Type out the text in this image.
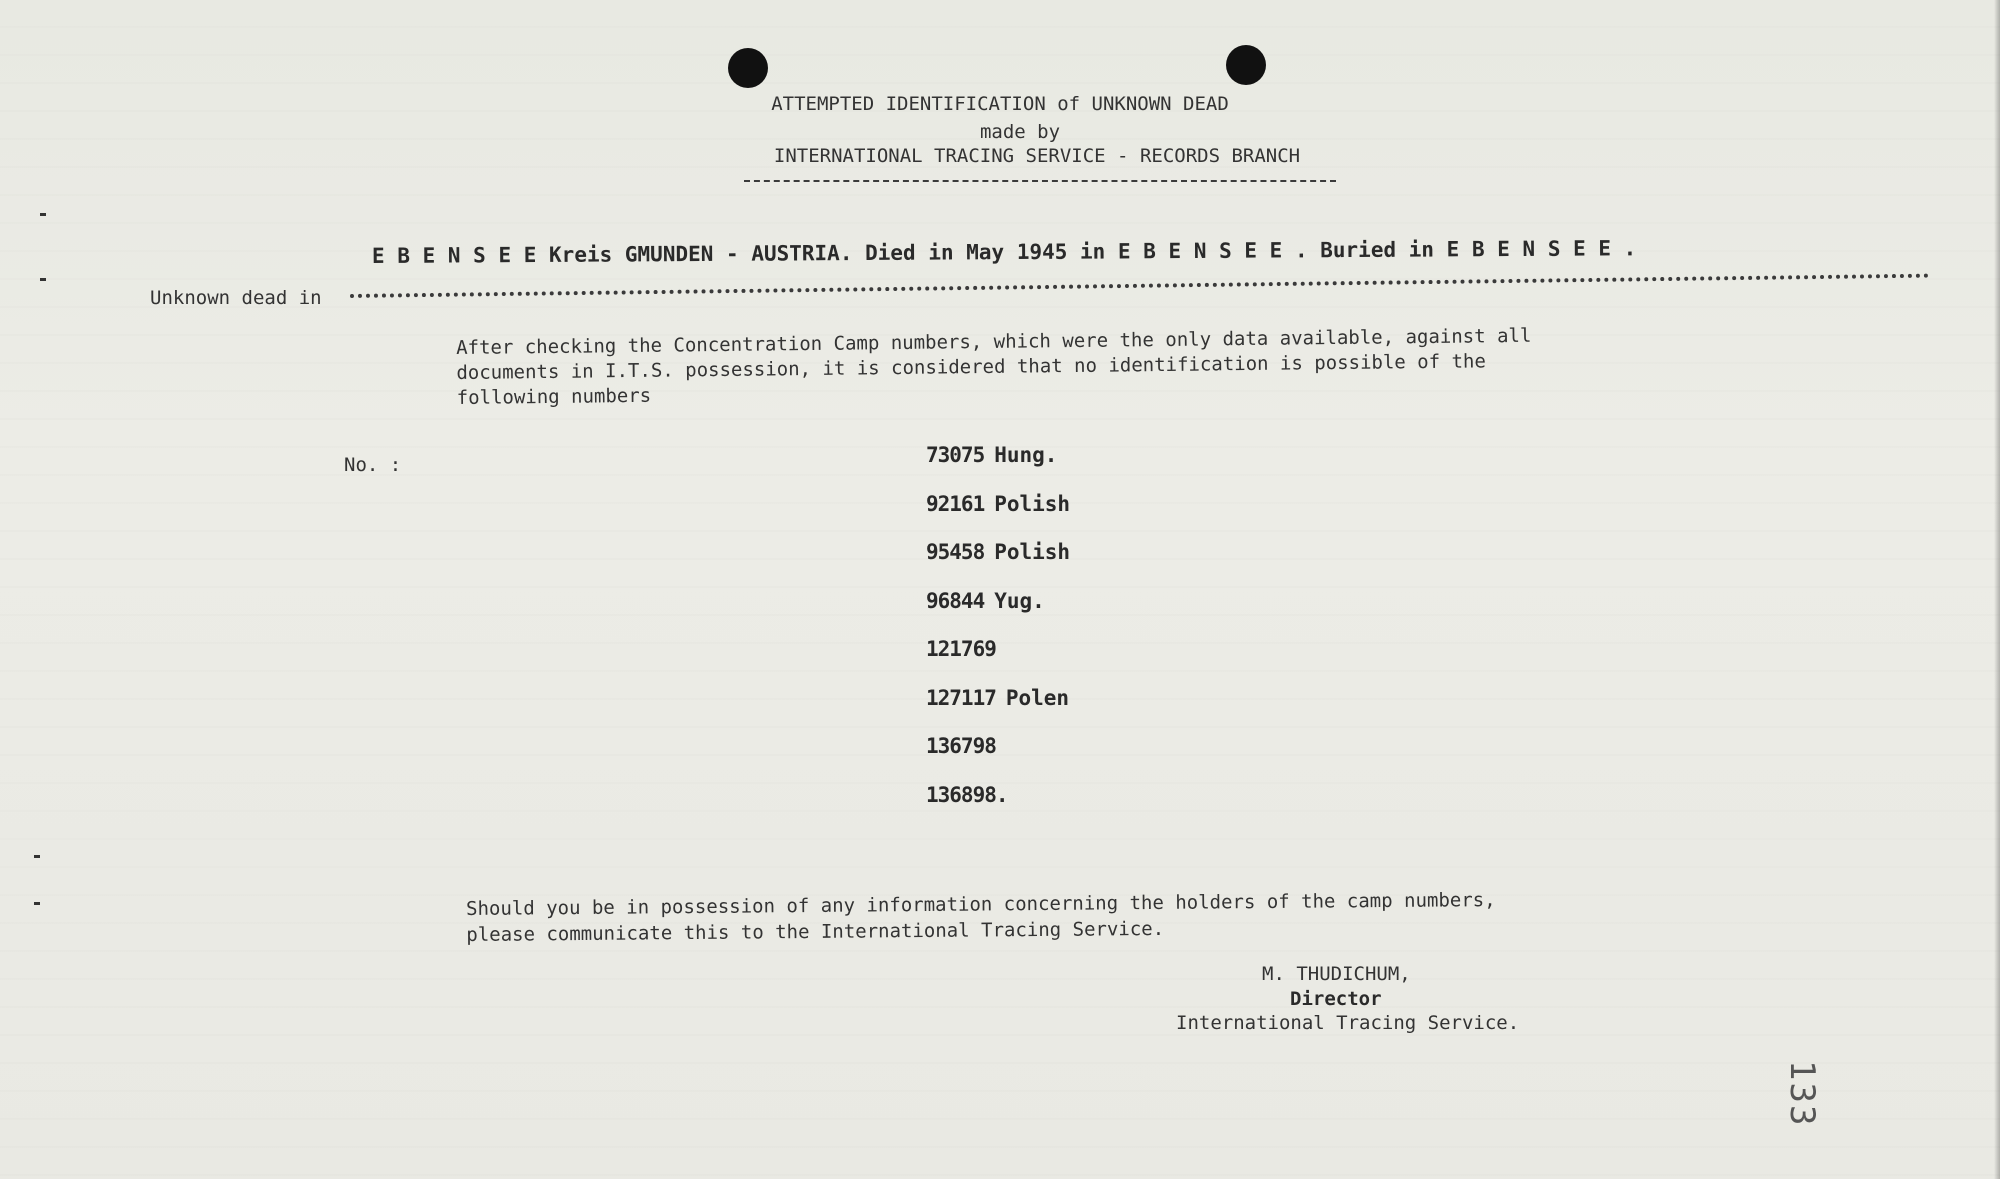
ATTEMPTED IDENTIFICATION of UNKNOWN DEAD
made by
INTERNATIONAL TRACING SERVICE - RECORDS BRANCH
E B E N S E E Kreis GMUNDEN - AUSTRIA. Died in May 1945 in E B E N S E E . Buried in E B E N S E E .
Unknown dead in
After checking the Concentration Camp numbers, which were the only data available, against all
documents in I.T.S. possession, it is considered that no identification is possible of the
following numbers
No. :	73075 Hung.
92161 Polish
95458 Polish
96844 Yug.
121769
127117 Polen
136798
136898.
Should you be in possession of any information concerning the holders of the camp numbers,
please communicate this to the International Tracing Service.
M. THUDICHUM,
Director
International Tracing Service.
133
